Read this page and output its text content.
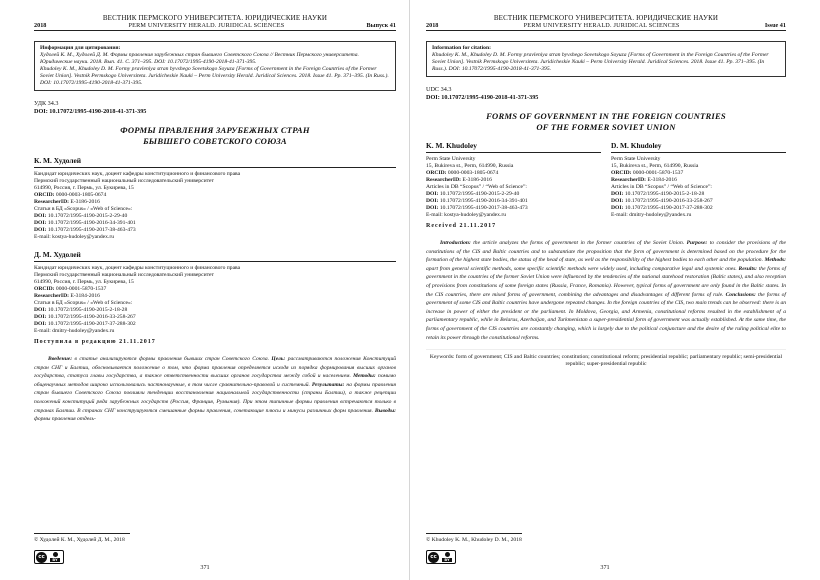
ВЕСТНИК ПЕРМСКОГО УНИВЕРСИТЕТА. ЮРИДИЧЕСКИЕ НАУКИ
2018	PERM UNIVERSITY HERALD. JURIDICAL SCIENCES	Выпуск 41
Информация для цитирования:
Худолей К. М., Худолей Д. М. Формы правления зарубежных стран бывшего Советского Союза // Вестник Пермского университета. Юридические науки. 2018. Вып. 41. C. 371–395. DOI: 10.17072/1995-4190-2018-41-371-395.
Khudoley K. M., Khudoley D. M. Formy pravleniya stran byvshego Sovetskogo Soyuza [Forms of Government in the Foreign Countries of the Former Soviet Union]. Vestnik Permskogo Universiteta. Juridicheskie Nauki – Perm University Herald. Juridical Sciences. 2018. Issue 41. Pp. 371–395. (In Russ.). DOI: 10.17072/1995-4190-2018-41-371-395.
УДК 34.3
DOI: 10.17072/1995-4190-2018-41-371-395
ФОРМЫ ПРАВЛЕНИЯ ЗАРУБЕЖНЫХ СТРАН
БЫВШЕГО СОВЕТСКОГО СОЮЗА
К. М. Худолей
Кандидат юридических наук, доцент кафедры конституционного и финансового права
Пермский государственный национальный исследовательский университет
614990, Россия, г. Пермь, ул. Букирева, 15
ORCID: 0000-0003-1805-0674
ResearcherID: E-3186-2016
Статьи в БД «Scopus» / «Web of Science»:
DOI: 10.17072/1995-4190-2015-2-29-40
DOI: 10.17072/1995-4190-2016-34-391-401
DOI: 10.17072/1995-4190-2017-38-463-473
E-mail: kostya-hudoley@yandex.ru
Д. М. Худолей
Кандидат юридических наук, доцент кафедры конституционного и финансового права
Пермский государственный национальный исследовательский университет
614990, Россия, г. Пермь, ул. Букирева, 15
ORCID: 0000-0001-5870-1537
ResearcherID: E-3184-2016
Статьи в БД «Scopus» / «Web of Science»:
DOI: 10.17072/1995-4190-2015-2-18-28
DOI: 10.17072/1995-4190-2016-33-258-267
DOI: 10.17072/1995-4190-2017-37-288-302
E-mail: dmitry-hudoley@yandex.ru
Поступила в редакцию 21.11.2017
Введение: в статье анализируются формы правления бывших стран Советского Союза. Цель: рассматриваются положения Конституций стран СНГ и Балтии, обосновывается положение о том, что форма правления определяется исходя из порядка формирования высших органов государства, статуса главы государства, а также ответственности высших органов государства между собой и населением. Методы: помимо общенаучных методов широко использовались частнонаучные, в том числе сравнительно-правовой и системный. Результаты: на формы правления стран бывшего Советского Союза повлияли тенденции восстановления национальной государственности (страны Балтии), а также рецепции положений конституций ряда зарубежных государств (Россия, Франция, Румыния). При этом типичные формы правления встречаются только в странах Балтии. В странах СНГ конструируются смешанные формы правления, сочетающие плюсы и минусы различных форм правления. Выводы: формы правления отдель-
© Худолей К. М., Худолей Д. М., 2018
cc	BY
371
ВЕСТНИК ПЕРМСКОГО УНИВЕРСИТЕТА. ЮРИДИЧЕСКИЕ НАУКИ
2018	PERM UNIVERSITY HERALD. JURIDICAL SCIENCES	Issue 41
Information for citation:
Khudoley K. M., Khudoley D. M. Formy pravleniya stran byvshego Sovetskogo Soyuza [Forms of Government in the Foreign Countries of the Former Soviet Union]. Vestnik Permskogo Universiteta. Juridicheskie Nauki – Perm University Herald. Juridical Sciences. 2018. Issue 41. Pp. 371–395. (In Russ.). DOI: 10.17072/1995-4190-2018-41-371-395.
UDC 34.3
DOI: 10.17072/1995-4190-2018-41-371-395
FORMS OF GOVERNMENT IN THE FOREIGN COUNTRIES
OF THE FORMER SOVIET UNION
K. M. Khudoley
Perm State University
15, Bukireva st., Perm, 614990, Russia
ORCID: 0000-0003-1805-0674
ResearcherID: E-3186-2016
Articles in DB “Scopus” / “Web of Science”:
DOI: 10.17072/1995-4190-2015-2-29-40
DOI: 10.17072/1995-4190-2016-34-391-401
DOI: 10.17072/1995-4190-2017-38-463-473
E-mail: kostya-hudoley@yandex.ru
D. M. Khudoley
Perm State University
15, Bukireva st., Perm, 614990, Russia
ORCID: 0000-0001-5870-1537
ResearcherID: E-3184-2016
Articles in DB “Scopus” / “Web of Science”:
DOI: 10.17072/1995-4190-2015-2-18-28
DOI: 10.17072/1995-4190-2016-33-258-267
DOI: 10.17072/1995-4190-2017-37-288-302
E-mail: dmitry-hudoley@yandex.ru
Received 21.11.2017
Introduction: the article analyzes the forms of government in the former countries of the Soviet Union. Purpose: to consider the provisions of the constitutions of the CIS and Baltic countries and to substantiate the proposition that the form of government is determined based on the procedure for the formation of the highest state bodies, the status of the head of state, as well as the responsibility of the highest bodies to each other and the population. Methods: apart from general scientific methods, some specific scientific methods were widely used, including comparative legal and systemic ones. Results: the forms of government in the countries of the former Soviet Union were influenced by the tendencies of the national statehood restoration (Baltic states), and also reception of provisions from constitutions of some foreign states (Russia, France, Romania). However, typical forms of government are only found in the Baltic states. In the CIS countries, there are mixed forms of government, combining the advantages and disadvantages of different forms of rule. Conclusions: the forms of government of some CIS and Baltic countries have undergone repeated changes. In the foreign countries of the CIS, two main trends can be observed: there is an increase in power of either the president or the parliament. In Moldova, Georgia, and Armenia, constitutional reforms resulted in the establishment of a parliamentary republic, while in Belarus, Azerbaijan, and Turkmenistan a super-presidential form of government was actually established. At the same time, the forms of government of the CIS countries are constantly changing, which is largely due to the political conjuncture and the desire of the ruling political elite to retain its power through the constitutional reforms.
Keywords: form of government; CIS and Baltic countries; constitution; constitutional reform; presidential republic; parliamentary republic; semi-presidential republic; super-presidential republic
© Khudoley K. M., Khudoley D. M., 2018
cc	BY
371
